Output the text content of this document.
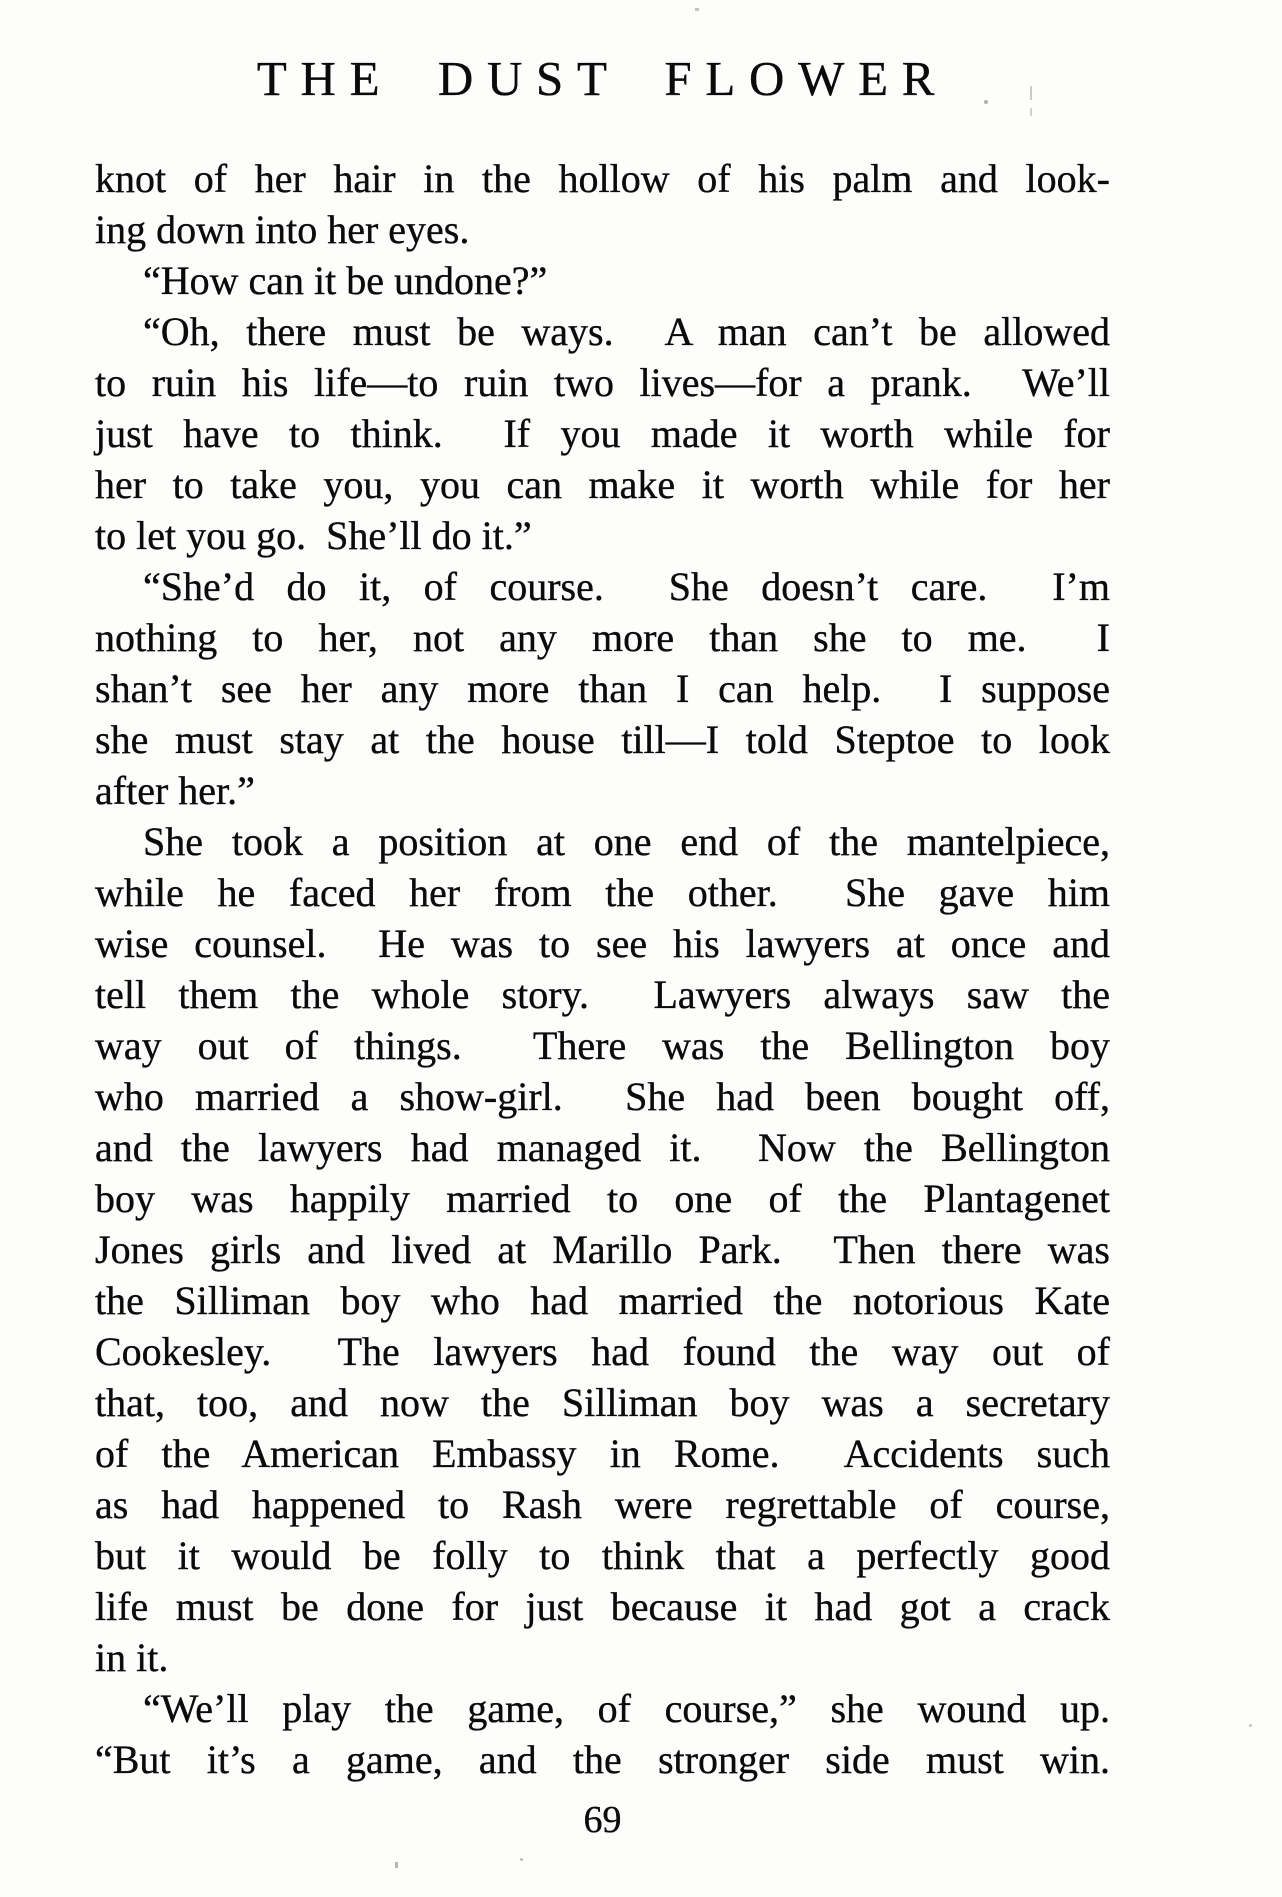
THE DUST FLOWER
knot of her hair in the hollow of his palm and look-
ing down into her eyes.
“How can it be undone?”
“Oh, there must be ways.  A man can’t be allowed
to ruin his life—to ruin two lives—for a prank.  We’ll
just have to think.  If you made it worth while for
her to take you, you can make it worth while for her
to let you go.  She’ll do it.”
“She’d do it, of course.  She doesn’t care.  I’m
nothing to her, not any more than she to me.  I
shan’t see her any more than I can help.  I suppose
she must stay at the house till—I told Steptoe to look
after her.”
She took a position at one end of the mantelpiece,
while he faced her from the other.  She gave him
wise counsel.  He was to see his lawyers at once and
tell them the whole story.  Lawyers always saw the
way out of things.  There was the Bellington boy
who married a show-girl.  She had been bought off,
and the lawyers had managed it.  Now the Bellington
boy was happily married to one of the Plantagenet
Jones girls and lived at Marillo Park.  Then there was
the Silliman boy who had married the notorious Kate
Cookesley.  The lawyers had found the way out of
that, too, and now the Silliman boy was a secretary
of the American Embassy in Rome.  Accidents such
as had happened to Rash were regrettable of course,
but it would be folly to think that a perfectly good
life must be done for just because it had got a crack
in it.
“We’ll play the game, of course,” she wound up.
“But it’s a game, and the stronger side must win.
69
